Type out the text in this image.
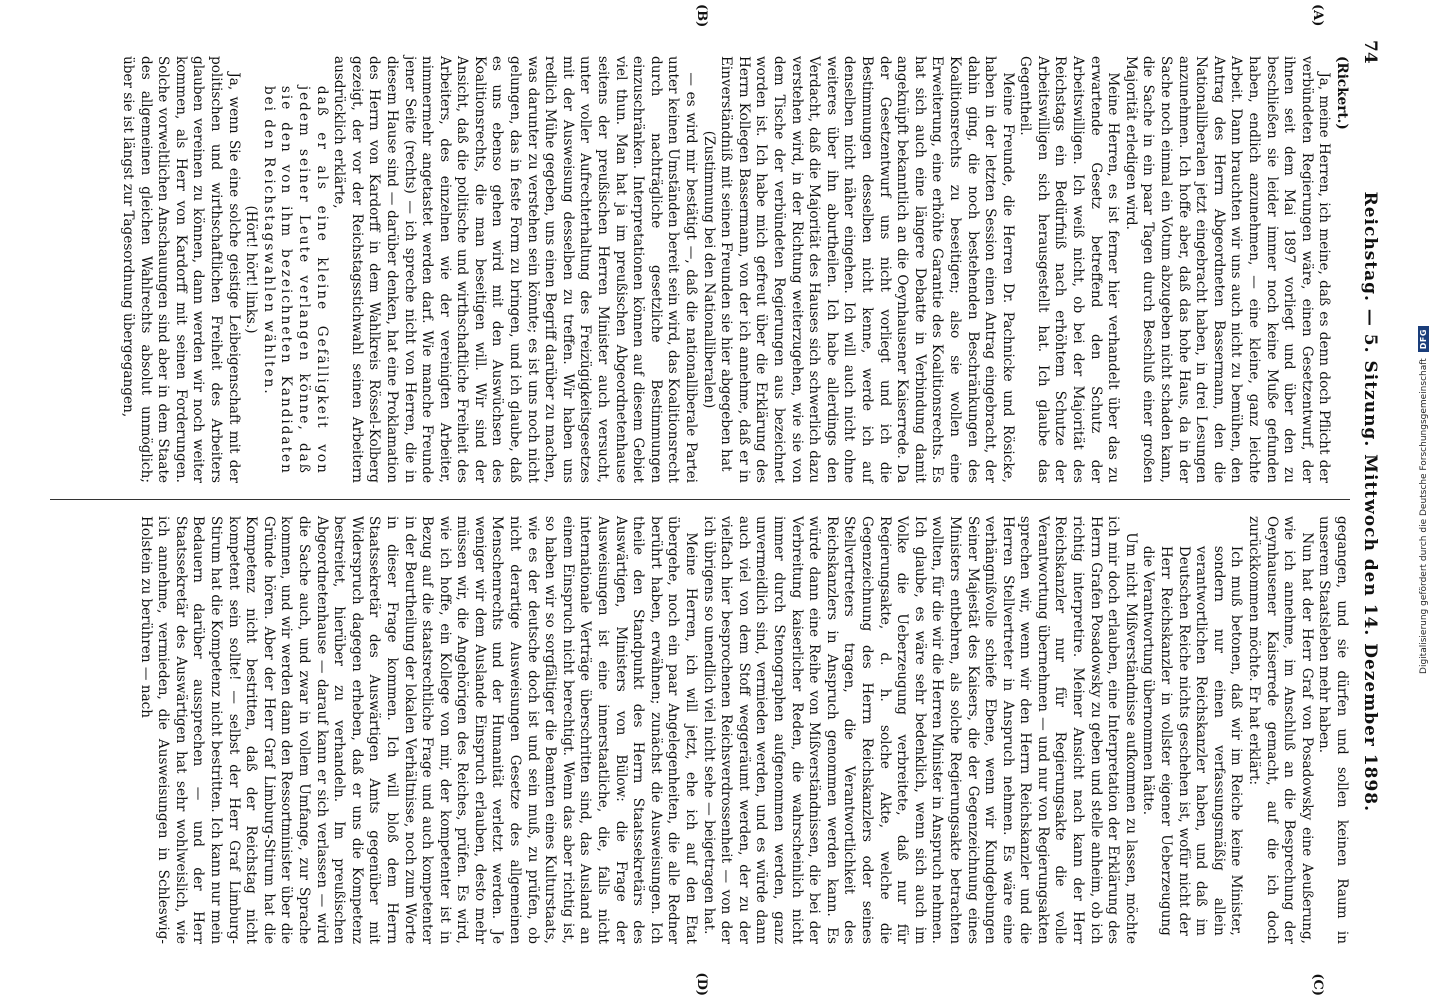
74
Reichstag. — 5. Sitzung. Mittwoch den 14. Dezember 1898.
(A)
(B)

(Rickert.)

Ja, meine Herren, ich meine, daß es denn doch Pflicht der verbündeten Regierungen wäre, einen Gesetzentwurf, der ihnen seit dem Mai 1897 vorliegt und über den zu beschließen sie leider immer noch keine Muße gefunden haben, endlich anzunehmen, — eine kleine, ganz leichte Arbeit. Dann brauchten wir uns auch nicht zu bemühen, den Antrag des Herrn Abgeordneten Bassermann, den die Nationalliberalen jetzt eingebracht haben, in drei Lesungen anzunehmen. Ich hoffe aber, daß das hohe Haus, da in der Sache noch einmal ein Votum abzugeben nicht schaden kann, die Sache in ein paar Tagen durch Beschluß einer großen Majorität erledigen wird.

Meine Herren, es ist ferner hier verhandelt über das zu erwartende Gesetz betreffend den Schutz der Arbeitswilligen. Ich weiß nicht, ob bei der Majorität des Reichstags ein Bedürfniß nach erhöhtem Schutze der Arbeitswilligen sich herausgestellt hat. Ich glaube das Gegentheil.

Meine Freunde, die Herren Dr. Pachnicke und Rösicke, haben in der letzten Session einen Antrag eingebracht, der dahin ging, die noch bestehenden Beschränkungen des Koalitionsrechts zu beseitigen; also sie wollen eine Erweiterung, eine erhöhte Garantie des Koalitionsrechts. Es hat sich auch eine längere Debatte in Verbindung damit angeknüpft bekanntlich an die Oeynhausener Kaiserrede. Da der Gesetzentwurf uns nicht vorliegt und ich die Bestimmungen desselben nicht kenne, werde ich auf denselben nicht näher eingehen. Ich will auch nicht ohne weiteres über ihn aburtheilen. Ich habe allerdings den Verdacht, daß die Majorität des Hauses sich schwerlich dazu verstehen wird, in der Richtung weiterzugehen, wie sie von dem Tische der verbündeten Regierungen aus bezeichnet worden ist. Ich habe mich gefreut über die Erklärung des Herrn Kollegen Bassermann, von der ich annehme, daß er in Einverständniß mit seinen Freunden sie hier abgegeben hat

(Zustimmung bei den Nationalliberalen)

— es wird mir bestätigt —, daß die nationalliberale Partei unter keinen Umständen bereit sein wird, das Koalitionsrecht durch nachträgliche gesetzliche Bestimmungen einzuschränken. Interpretationen können auf diesem Gebiet viel thun. Man hat ja im preußischen Abgeordnetenhause seitens der preußischen Herren Minister auch versucht, unter voller Aufrechterhaltung des Freizügigkeitsgesetzes mit der Ausweisung desselben zu treffen. Wir haben uns redlich Mühe gegeben, uns einen Begriff darüber zu machen, was darunter zu verstehen sein könnte; es ist uns noch nicht gelungen, das in feste Form zu bringen, und ich glaube, daß es uns ebenso gehen wird mit den Auswüchsen des Koalitionsrechts, die man beseitigen will. Wir sind der Ansicht, daß die politische und wirthschaftliche Freiheit des Arbeiters, des einzelnen wie der vereinigten Arbeiter, nimmermehr angetastet werden darf. Wie manche Freunde jener Seite (rechts) — ich spreche nicht von Herren, die in diesem Hause sind — darüber denken, hat eine Proklamation des Herrn von Kardorff in dem Wahlkreis Rössel-Kolberg gezeigt, der vor der Reichstagsstichwahl seinen Arbeitern ausdrücklich erklärte,

daß er als eine kleine Gefälligkeit von jedem seiner Leute verlangen könne, daß sie den von ihm bezeichneten Kandidaten bei den Reichstagswahlen wählten.

(Hört! hört! links.)

Ja, wenn Sie eine solche geistige Leibeigenschaft mit der politischen und wirthschaftlichen Freiheit des Arbeiters glauben vereinen zu können, dann werden wir noch weiter kommen, als Herr von Kardorff mit seinen Forderungen. Solche vorweltlichen Anschauungen sind aber in dem Staate des allgemeinen gleichen Wahlrechts absolut unmöglich; über sie ist längst zur Tagesordnung übergegangen,

(C)
(D)

gegangen, und sie dürfen und sollen keinen Raum in unserem Staatsleben mehr haben.

Nun hat der Herr Graf von Posadowsky eine Aeußerung, wie ich annehme, im Anschluß an die Besprechung der Oeynhausener Kaiserrede gemacht, auf die ich doch zurückkommen möchte. Er hat erklärt:

Ich muß betonen, daß wir im Reiche keine Minister, sondern nur einen verfassungsmäßig allein verantwortlichen Reichskanzler haben, und daß im Deutschen Reiche nichts geschehen ist, wofür nicht der Herr Reichskanzler in vollster eigener Ueberzeugung die Verantwortung übernommen hätte.

Um nicht Mißverständnisse aufkommen zu lassen, möchte ich mir doch erlauben, eine Interpretation der Erklärung des Herrn Grafen Posadowsky zu geben und stelle anheim, ob ich richtig interpretire. Meiner Ansicht nach kann der Herr Reichskanzler nur für Regierungsakte die volle Verantwortung übernehmen — und nur von Regierungsakten sprechen wir, wenn wir den Herrn Reichskanzler und die Herren Stellvertreter in Anspruch nehmen. Es wäre eine verhängnißvolle schiefe Ebene, wenn wir Kundgebungen Seiner Majestät des Kaisers, die der Gegenzeichnung eines Ministers entbehren, als solche Regierungsakte betrachten wollten, für die wir die Herren Minister in Anspruch nehmen. Ich glaube, es wäre sehr bedenklich, wenn sich auch im Volke die Ueberzeugung verbreitete, daß nur für Regierungsakte, d. h. solche Akte, welche die Gegenzeichnung des Herrn Reichskanzlers oder seines Stellvertreters tragen, die Verantwortlichkeit des Reichskanzlers in Anspruch genommen werden kann. Es würde dann eine Reihe von Mißverständnissen, die bei der Verbreitung kaiserlicher Reden, die wahrscheinlich nicht immer durch Stenographen aufgenommen werden, ganz unvermeidlich sind, vermieden werden, und es würde dann auch viel von dem Stoff weggeräumt werden, der zu der vielfach hier besprochenen Reichsverdrossenheit — von der ich übrigens so unendlich viel nicht sehe — beigetragen hat.

Meine Herren, ich will jetzt, ehe ich auf den Etat übergehe, noch ein paar Angelegenheiten, die alle Redner berührt haben, erwähnen; zunächst die Ausweisungen. Ich theile den Standpunkt des Herrn Staatssekretärs des Auswärtigen, Ministers von Bülow: die Frage der Ausweisungen ist eine innerstaatliche, die, falls nicht internationale Verträge überschritten sind, das Ausland an einem Einspruch nicht berechtigt. Wenn das aber richtig ist, so haben wir so sorgfältiger die Beamten eines Kulturstaats, wie es der deutsche doch ist und sein muß, zu prüfen, ob nicht derartige Ausweisungen Gesetze des allgemeinen Menschenrechts und der Humanität verletzt werden. Je weniger wir dem Auslande Einspruch erlauben, desto mehr müssen wir, die Angehörigen des Reiches, prüfen. Es wird, wie ich hoffe, ein Kollege von mir, der kompetenter ist in Bezug auf die staatsrechtliche Frage und auch kompetenter in der Beurtheilung der lokalen Verhältnisse, noch zum Worte in dieser Frage kommen. Ich will bloß dem Herrn Staatssekretär des Auswärtigen Amts gegenüber mit Widerspruch dagegen erheben, daß er uns die Kompetenz bestreitet, hierüber zu verhandeln. Im preußischen Abgeordnetenhause — darauf kann er sich verlassen — wird die Sache auch, und zwar in vollem Umfange, zur Sprache kommen, und wir werden dann den Ressortminister über die Gründe hören. Aber der Herr Graf Limburg-Stirum hat die Kompetenz nicht bestritten, daß der Reichstag nicht kompetent sein sollte! — selbst der Herr Graf Limburg-Stirum hat die Kompetenz nicht bestritten. Ich kann nur mein Bedauern darüber aussprechen — und der Herr Staatssekretär des Auswärtigen hat sehr wohlweislich, wie ich annehme, vermieden, die Ausweisungen in Schleswig-Holstein zu berühren — nach	Digitalisierung gefördert durch die Deutsche Forschungsgemeinschaft
DFG
